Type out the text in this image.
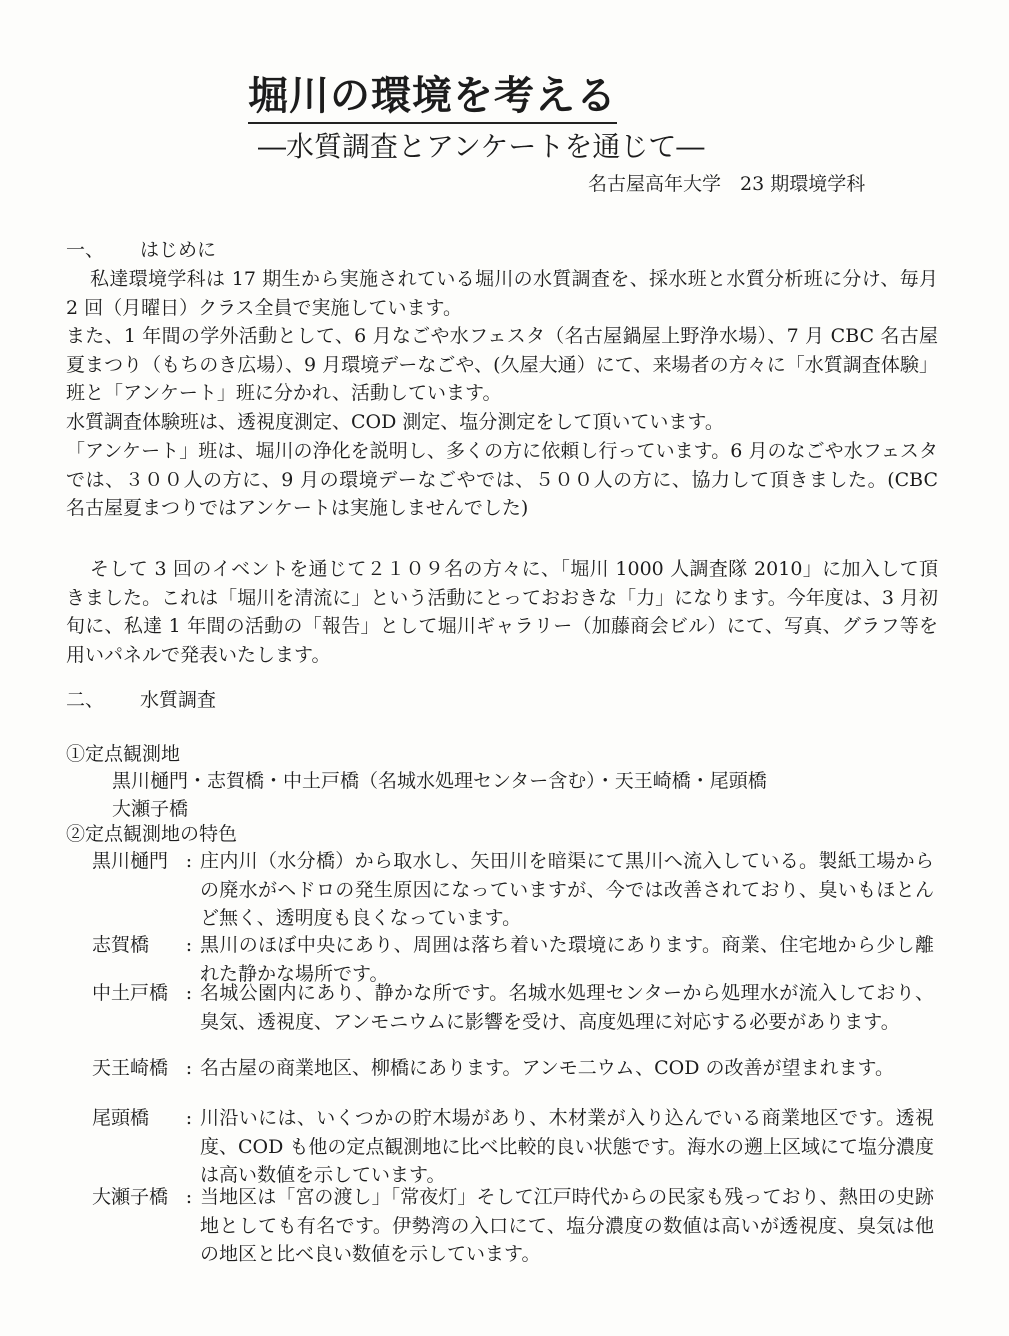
堀川の環境を考える
―水質調査とアンケートを通じて―
名古屋高年大学　23 期環境学科
一、 はじめに

私達環境学科は 17 期生から実施されている堀川の水質調査を、採水班と水質分析班に分け、毎月 2 回（月曜日）クラス全員で実施しています。

また、1 年間の学外活動として、6 月なごや水フェスタ（名古屋鍋屋上野浄水場）、7 月 CBC 名古屋夏まつり（もちのき広場）、9 月環境デーなごや、(久屋大通）にて、来場者の方々に「水質調査体験」班と「アンケート」班に分かれ、活動しています。

水質調査体験班は、透視度測定、COD 測定、塩分測定をして頂いています。

「アンケート」班は、堀川の浄化を説明し、多くの方に依頼し行っています。6 月のなごや水フェスタでは、３００人の方に、9 月の環境デーなごやでは、５００人の方に、協力して頂きました。(CBC 名古屋夏まつりではアンケートは実施しませんでした)

そして 3 回のイベントを通じて２１０９名の方々に、「堀川 1000 人調査隊 2010」に加入して頂きました。これは「堀川を清流に」という活動にとっておおきな「力」になります。今年度は、3 月初旬に、私達 1 年間の活動の「報告」として堀川ギャラリー（加藤商会ビル）にて、写真、グラフ等を用いパネルで発表いたします。

二、 水質調査
①定点観測地
黒川樋門・志賀橋・中土戸橋（名城水処理センター含む）・天王崎橋・尾頭橋
大瀬子橋
②定点観測地の特色
黒川樋門 : 庄内川（水分橋）から取水し、矢田川を暗渠にて黒川へ流入している。製紙工場からの廃水がヘドロの発生原因になっていますが、今では改善されており、臭いもほとんど無く、透明度も良くなっています。
志賀橋	: 黒川のほぼ中央にあり、周囲は落ち着いた環境にあります。商業、住宅地から少し離れた静かな場所です。
中土戸橋 : 名城公園内にあり、静かな所です。名城水処理センターから処理水が流入しており、臭気、透視度、アンモニウムに影響を受け、高度処理に対応する必要があります。
天王崎橋 : 名古屋の商業地区、柳橋にあります。アンモ二ウム、COD の改善が望まれます。
尾頭橋	: 川沿いには、いくつかの貯木場があり、木材業が入り込んでいる商業地区です。透視度、COD も他の定点観測地に比べ比較的良い状態です。海水の遡上区域にて塩分濃度は高い数値を示しています。
大瀬子橋 : 当地区は「宮の渡し」「常夜灯」そして江戸時代からの民家も残っており、熱田の史跡地としても有名です。伊勢湾の入口にて、塩分濃度の数値は高いが透視度、臭気は他の地区と比べ良い数値を示しています。
